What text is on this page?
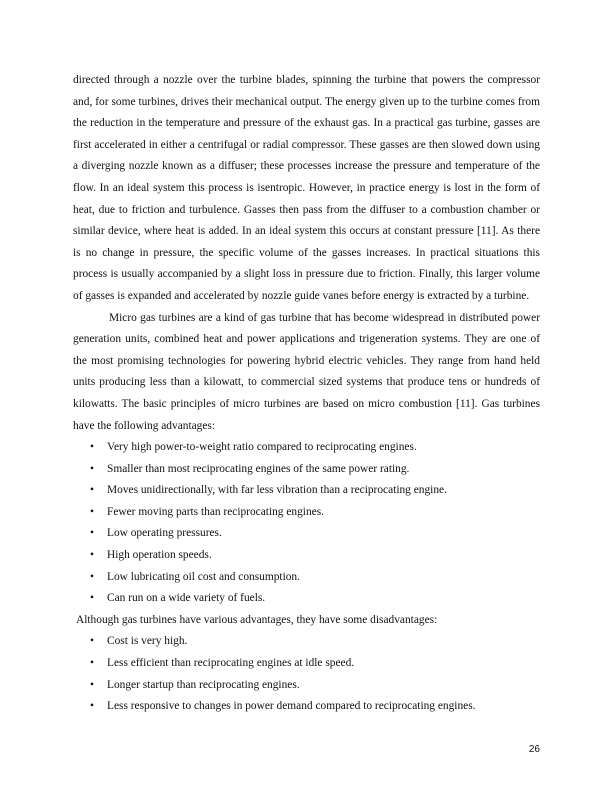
directed through a nozzle over the turbine blades, spinning the turbine that powers the compressor and, for some turbines, drives their mechanical output. The energy given up to the turbine comes from the reduction in the temperature and pressure of the exhaust gas. In a practical gas turbine, gasses are first accelerated in either a centrifugal or radial compressor. These gasses are then slowed down using a diverging nozzle known as a diffuser; these processes increase the pressure and temperature of the flow. In an ideal system this process is isentropic. However, in practice energy is lost in the form of heat, due to friction and turbulence. Gasses then pass from the diffuser to a combustion chamber or similar device, where heat is added. In an ideal system this occurs at constant pressure [11]. As there is no change in pressure, the specific volume of the gasses increases. In practical situations this process is usually accompanied by a slight loss in pressure due to friction. Finally, this larger volume of gasses is expanded and accelerated by nozzle guide vanes before energy is extracted by a turbine.

Micro gas turbines are a kind of gas turbine that has become widespread in distributed power generation units, combined heat and power applications and trigeneration systems. They are one of the most promising technologies for powering hybrid electric vehicles. They range from hand held units producing less than a kilowatt, to commercial sized systems that produce tens or hundreds of kilowatts. The basic principles of micro turbines are based on micro combustion [11]. Gas turbines have the following advantages:

• Very high power-to-weight ratio compared to reciprocating engines.
• Smaller than most reciprocating engines of the same power rating.
• Moves unidirectionally, with far less vibration than a reciprocating engine.
• Fewer moving parts than reciprocating engines.
• Low operating pressures.
• High operation speeds.
• Low lubricating oil cost and consumption.
• Can run on a wide variety of fuels.

Although gas turbines have various advantages, they have some disadvantages:

• Cost is very high.
• Less efficient than reciprocating engines at idle speed.
• Longer startup than reciprocating engines.
• Less responsive to changes in power demand compared to reciprocating engines.
26
